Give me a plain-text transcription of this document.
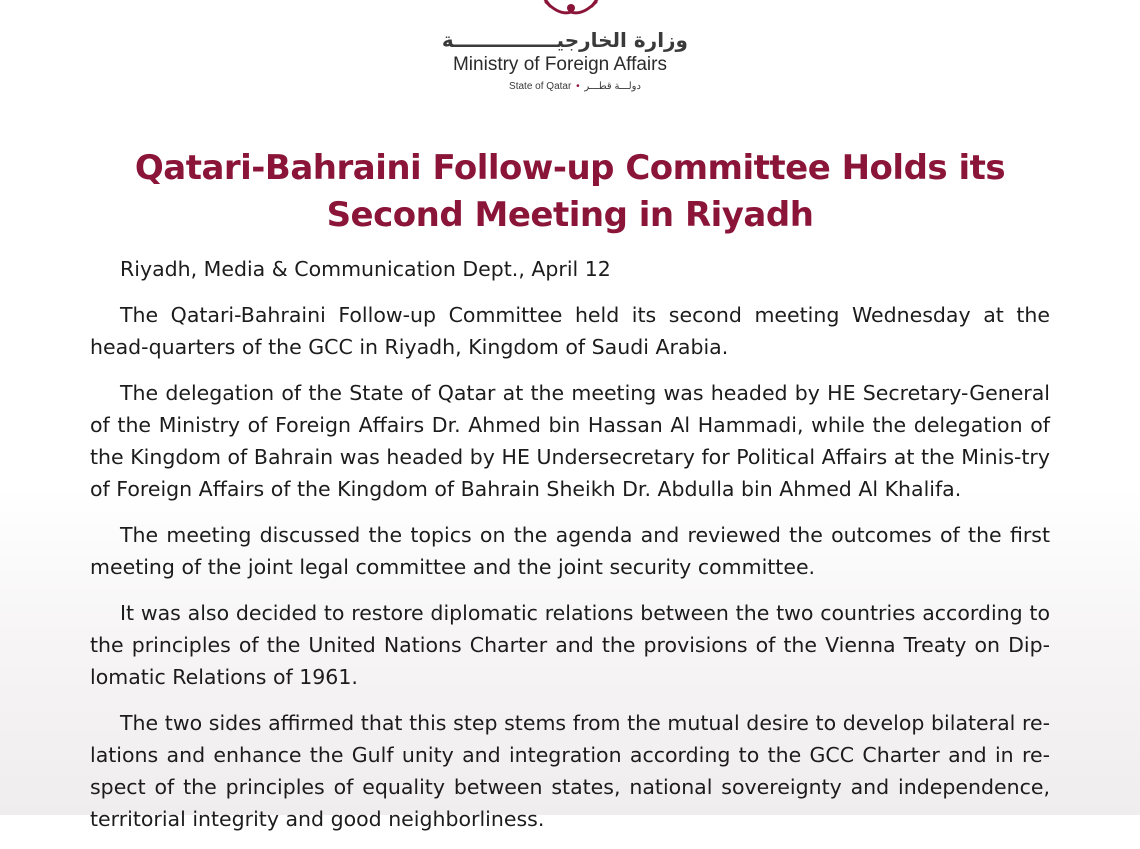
وزارة الخارجيـــــــــــــــة
Ministry of Foreign Affairs
State of Qatar • دولـــة قطـــر
Qatari-Bahraini Follow-up Committee Holds its Second Meeting in Riyadh

Riyadh, Media & Communication Dept., April 12

The Qatari-Bahraini Follow-up Committee held its second meeting Wednesday at the head-quarters of the GCC in Riyadh, Kingdom of Saudi Arabia.

The delegation of the State of Qatar at the meeting was headed by HE Secretary-General of the Ministry of Foreign Affairs Dr. Ahmed bin Hassan Al Hammadi, while the delegation of the Kingdom of Bahrain was headed by HE Undersecretary for Political Affairs at the Minis-try of Foreign Affairs of the Kingdom of Bahrain Sheikh Dr. Abdulla bin Ahmed Al Khalifa.

The meeting discussed the topics on the agenda and reviewed the outcomes of the first meeting of the joint legal committee and the joint security committee.

It was also decided to restore diplomatic relations between the two countries according to the principles of the United Nations Charter and the provisions of the Vienna Treaty on Dip-lomatic Relations of 1961.

The two sides affirmed that this step stems from the mutual desire to develop bilateral re-lations and enhance the Gulf unity and integration according to the GCC Charter and in re-spect of the principles of equality between states, national sovereignty and independence, territorial integrity and good neighborliness.
